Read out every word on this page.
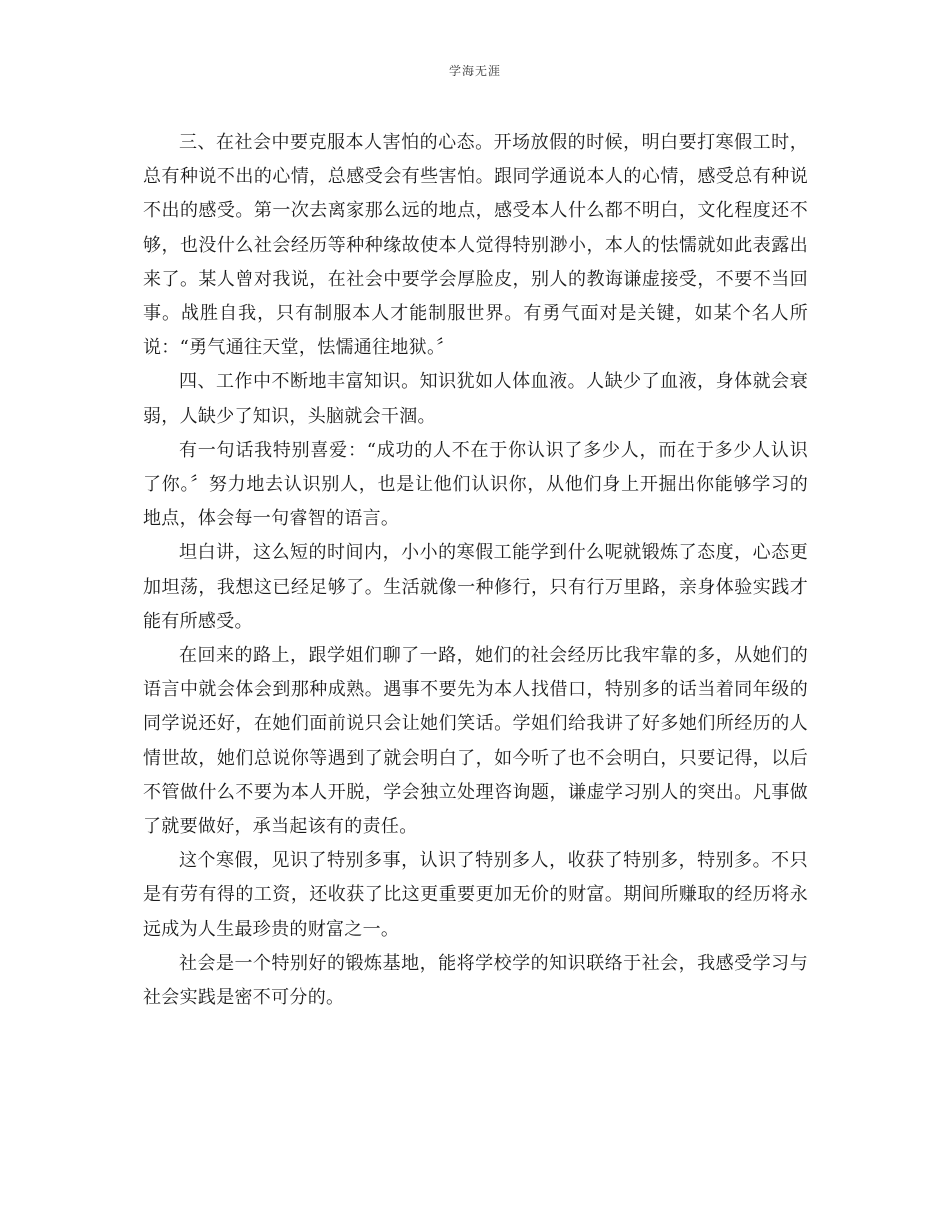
学海无涯

三、在社会中要克服本人害怕的心态。开场放假的时候，明白要打寒假工时，总有种说不出的心情，总感受会有些害怕。跟同学通说本人的心情，感受总有种说不出的感受。第一次去离家那么远的地点，感受本人什么都不明白，文化程度还不够，也没什么社会经历等种种缘故使本人觉得特别渺小，本人的怯懦就如此表露出来了。某人曾对我说，在社会中要学会厚脸皮，别人的教诲谦虚接受，不要不当回事。战胜自我，只有制服本人才能制服世界。有勇气面对是关键，如某个名人所说：“勇气通往天堂，怯懦通往地狱。〞

四、工作中不断地丰富知识。知识犹如人体血液。人缺少了血液，身体就会衰弱，人缺少了知识，头脑就会干涸。

有一句话我特别喜爱：“成功的人不在于你认识了多少人，而在于多少人认识了你。〞努力地去认识别人，也是让他们认识你，从他们身上开掘出你能够学习的地点，体会每一句睿智的语言。

坦白讲，这么短的时间内，小小的寒假工能学到什么呢就锻炼了态度，心态更加坦荡，我想这已经足够了。生活就像一种修行，只有行万里路，亲身体验实践才能有所感受。

在回来的路上，跟学姐们聊了一路，她们的社会经历比我牢靠的多，从她们的语言中就会体会到那种成熟。遇事不要先为本人找借口，特别多的话当着同年级的同学说还好，在她们面前说只会让她们笑话。学姐们给我讲了好多她们所经历的人情世故，她们总说你等遇到了就会明白了，如今听了也不会明白，只要记得，以后不管做什么不要为本人开脱，学会独立处理咨询题，谦虚学习别人的突出。凡事做了就要做好，承当起该有的责任。

这个寒假，见识了特别多事，认识了特别多人，收获了特别多，特别多。不只是有劳有得的工资，还收获了比这更重要更加无价的财富。期间所赚取的经历将永远成为人生最珍贵的财富之一。

社会是一个特别好的锻炼基地，能将学校学的知识联络于社会，我感受学习与社会实践是密不可分的。
